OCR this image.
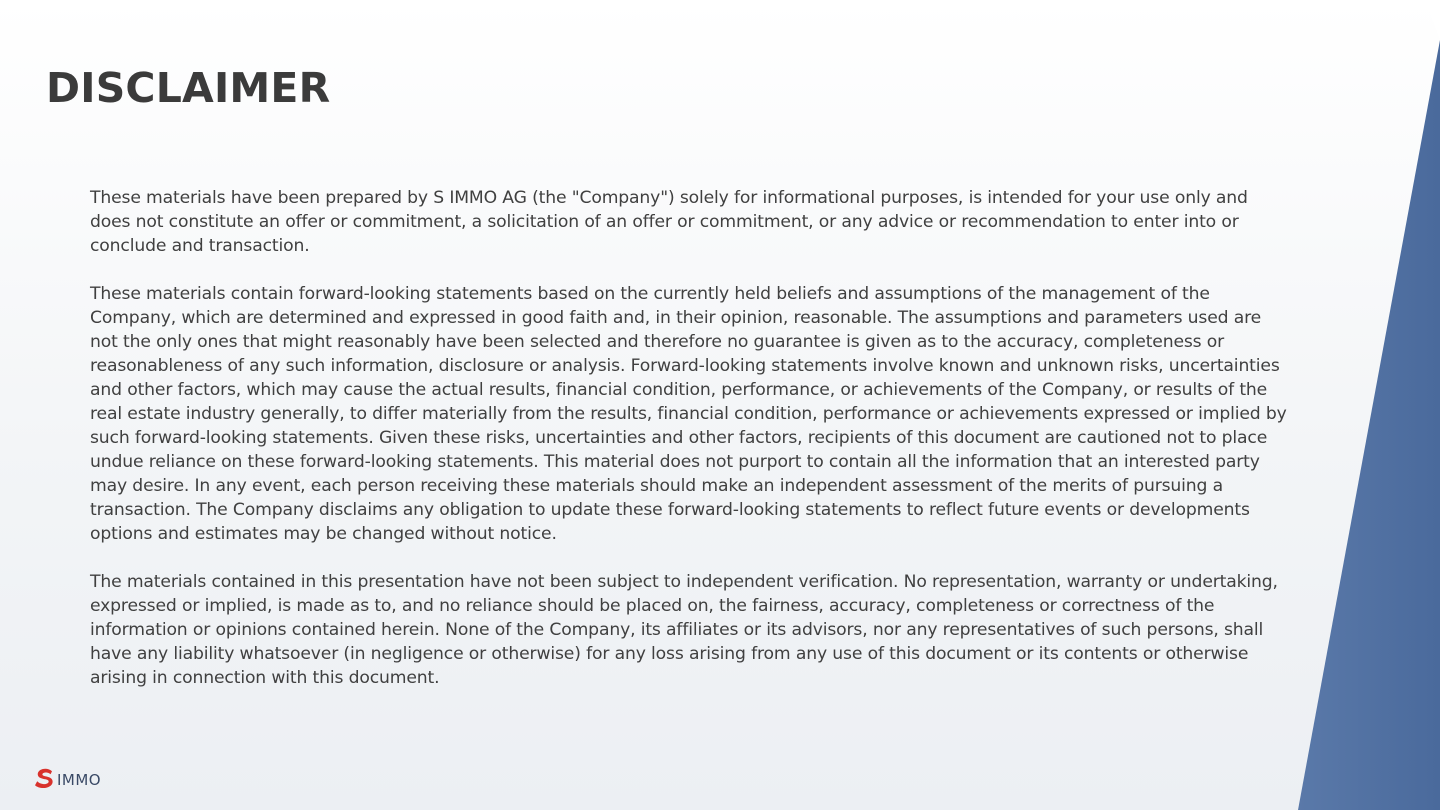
DISCLAIMER

These materials have been prepared by S IMMO AG (the "Company") solely for informational purposes, is intended for your use only and does not constitute an offer or commitment, a solicitation of an offer or commitment, or any advice or recommendation to enter into or conclude and transaction.

These materials contain forward-looking statements based on the currently held beliefs and assumptions of the management of the Company, which are determined and expressed in good faith and, in their opinion, reasonable. The assumptions and parameters used are not the only ones that might reasonably have been selected and therefore no guarantee is given as to the accuracy, completeness or reasonableness of any such information, disclosure or analysis. Forward-looking statements involve known and unknown risks, uncertainties and other factors, which may cause the actual results, financial condition, performance, or achievements of the Company, or results of the real estate industry generally, to differ materially from the results, financial condition, performance or achievements expressed or implied by such forward-looking statements. Given these risks, uncertainties and other factors, recipients of this document are cautioned not to place undue reliance on these forward-looking statements. This material does not purport to contain all the information that an interested party may desire. In any event, each person receiving these materials should make an independent assessment of the merits of pursuing a transaction. The Company disclaims any obligation to update these forward-looking statements to reflect future events or developments options and estimates may be changed without notice.

The materials contained in this presentation have not been subject to independent verification. No representation, warranty or undertaking, expressed or implied, is made as to, and no reliance should be placed on, the fairness, accuracy, completeness or correctness of the information or opinions contained herein. None of the Company, its affiliates or its advisors, nor any representatives of such persons, shall have any liability whatsoever (in negligence or otherwise) for any loss arising from any use of this document or its contents or otherwise arising in connection with this document.

IMMO
